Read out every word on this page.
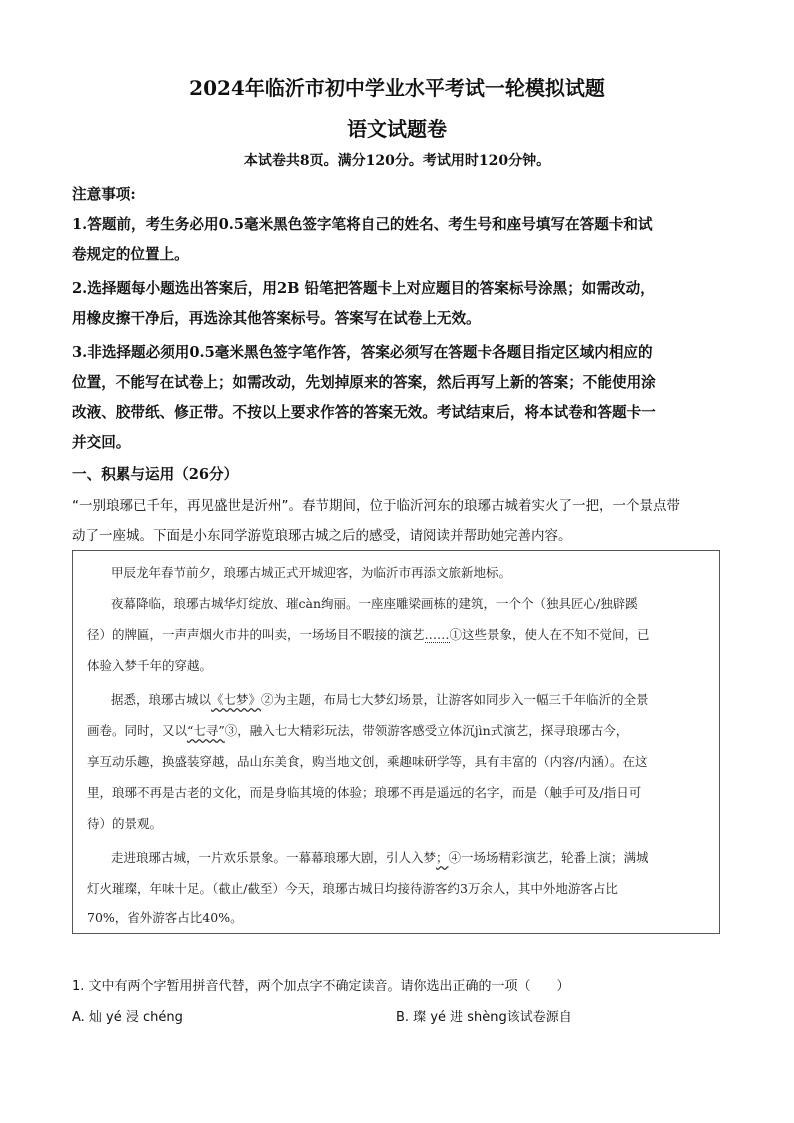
2024年临沂市初中学业水平考试一轮模拟试题
语文试题卷
本试卷共8页。满分120分。考试用时120分钟。
注意事项:
1.答题前，考生务必用0.5毫米黑色签字笔将自己的姓名、考生号和座号填写在答题卡和试
卷规定的位置上。
2.选择题每小题选出答案后，用2B 铅笔把答题卡上对应题目的答案标号涂黑；如需改动，
用橡皮擦干净后，再选涂其他答案标号。答案写在试卷上无效。
3.非选择题必须用0.5毫米黑色签字笔作答，答案必须写在答题卡各题目指定区域内相应的
位置，不能写在试卷上；如需改动，先划掉原来的答案，然后再写上新的答案；不能使用涂
改液、胶带纸、修正带。不按以上要求作答的答案无效。考试结束后，将本试卷和答题卡一
并交回。
一、积累与运用（26分）
“一别琅琊已千年，再见盛世是沂州”。春节期间，位于临沂河东的琅琊古城着实火了一把，一个景点带
动了一座城。下面是小东同学游览琅琊古城之后的感受，请阅读并帮助她完善内容。
甲辰龙年春节前夕，琅琊古城正式开城迎客，为临沂市再添文旅新地标。
夜幕降临，琅琊古城华灯绽放、璀càn绚丽。一座座雕梁画栋的建筑，一个个（独具匠心/独辟蹊
径）的牌匾，一声声烟火市井的叫卖，一场场目不暇接的演艺……①这些景象，使人在不知不觉间，已
体验入梦千年的穿越。
据悉，琅琊古城以《七梦》②为主题，布局七大梦幻场景，让游客如同步入一幅三千年临沂的全景
画卷。同时，又以“七寻”③，融入七大精彩玩法，带领游客感受立体沉jìn式演艺，探寻琅琊古今，
享互动乐趣，换盛装穿越，品山东美食，购当地文创，乘趣味研学等，具有丰富的（内容/内涵）。在这
里，琅琊不再是古老的文化，而是身临其境的体验；琅琊不再是遥远的名字，而是（触手可及/指日可
待）的景观。
走进琅琊古城，一片欢乐景象。一幕幕琅琊大剧，引人入梦；④一场场精彩演艺，轮番上演；满城
灯火璀璨，年味十足。（截止/截至）今天，琅琊古城日均接待游客约3万余人，其中外地游客占比
70%，省外游客占比40%。
1. 文中有两个字暂用拼音代替，两个加点字不确定读音。请你选出正确的一项（　　）
A. 灿 yé 浸 chéng	B. 璨 yé 进 shèng该试卷源自
